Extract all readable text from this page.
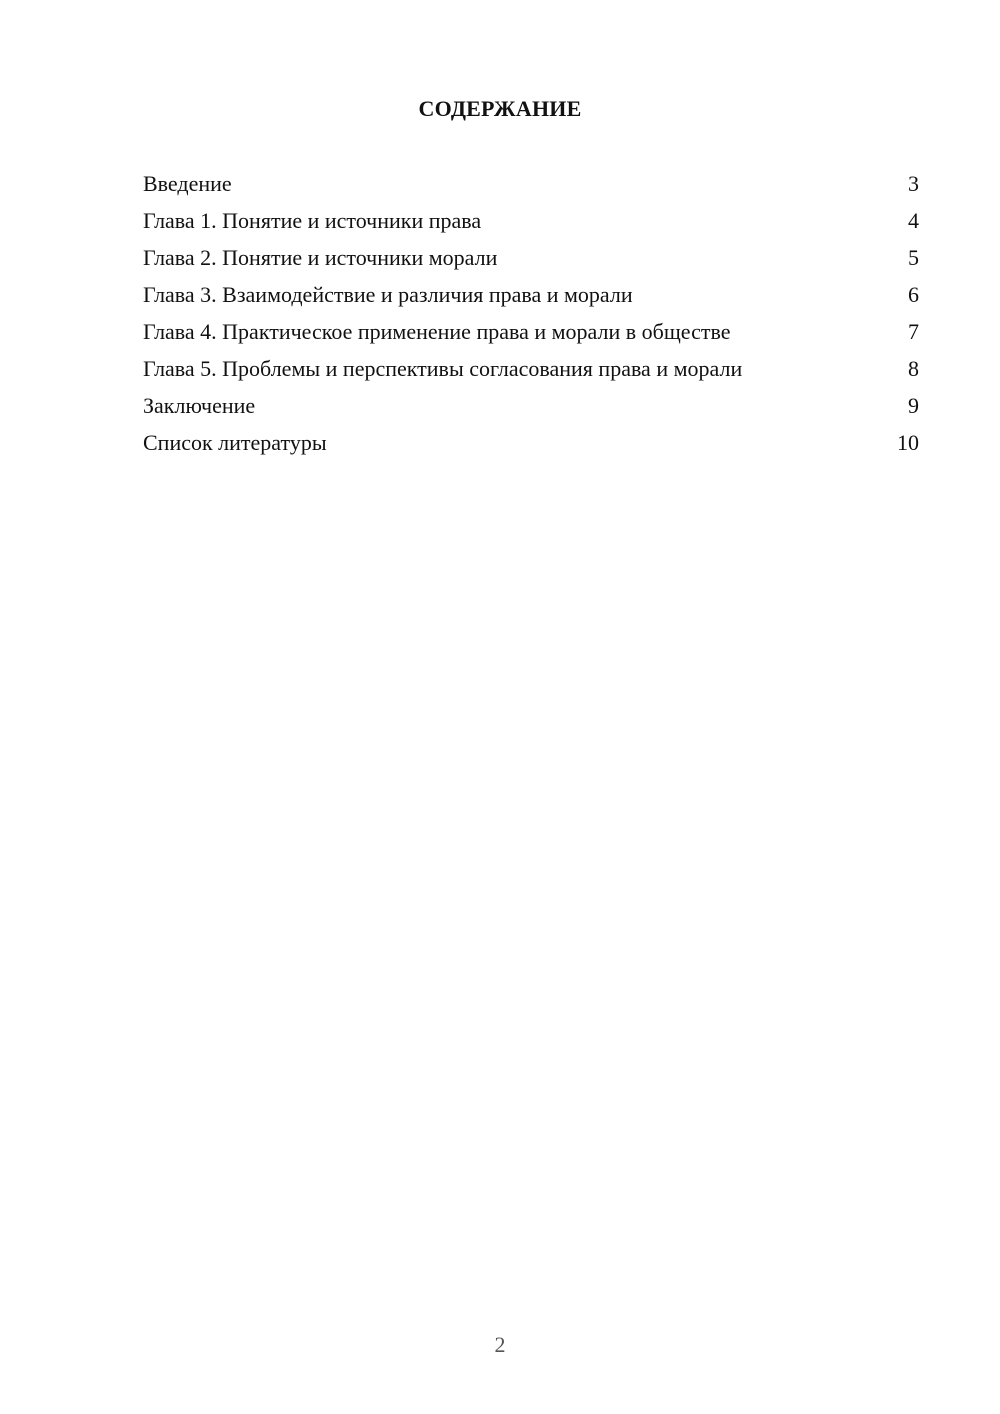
СОДЕРЖАНИЕ
Введение	3
Глава 1. Понятие и источники права	4
Глава 2. Понятие и источники морали	5
Глава 3. Взаимодействие и различия права и морали	6
Глава 4. Практическое применение права и морали в обществе	7
Глава 5. Проблемы и перспективы согласования права и морали	8
Заключение	9
Список литературы	10
2
